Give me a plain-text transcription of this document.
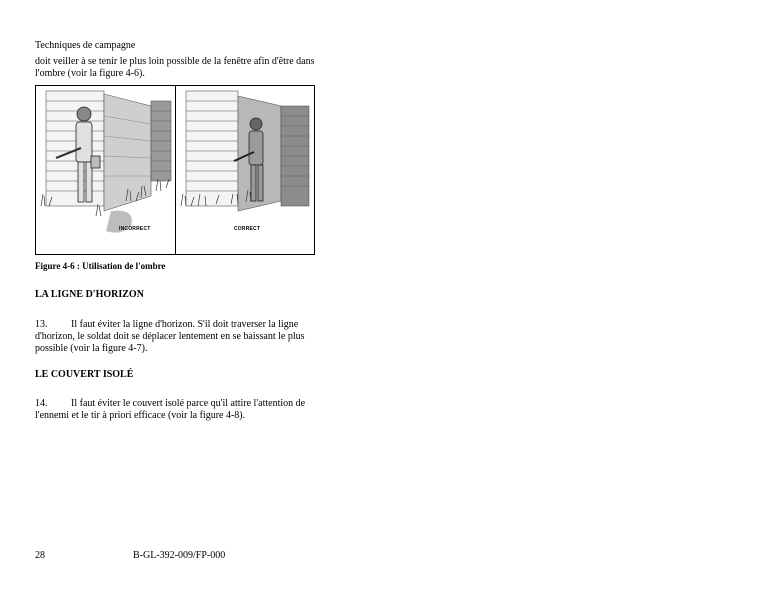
Techniques de campagne
doit veiller à se tenir le plus loin possible de la fenêtre afin d'être dans l'ombre (voir la figure 4-6).
INCORRECT	CORRECT
Figure 4-6 : Utilisation de l'ombre
LA LIGNE D'HORIZON
13. Il faut éviter la ligne d'horizon. S'il doit traverser la ligne d'horizon, le soldat doit se déplacer lentement en se baissant le plus possible (voir la figure 4-7).
LE COUVERT ISOLÉ
14. Il faut éviter le couvert isolé parce qu'il attire l'attention de l'ennemi et le tir à priori efficace (voir la figure 4-8).
28	B-GL-392-009/FP-000
